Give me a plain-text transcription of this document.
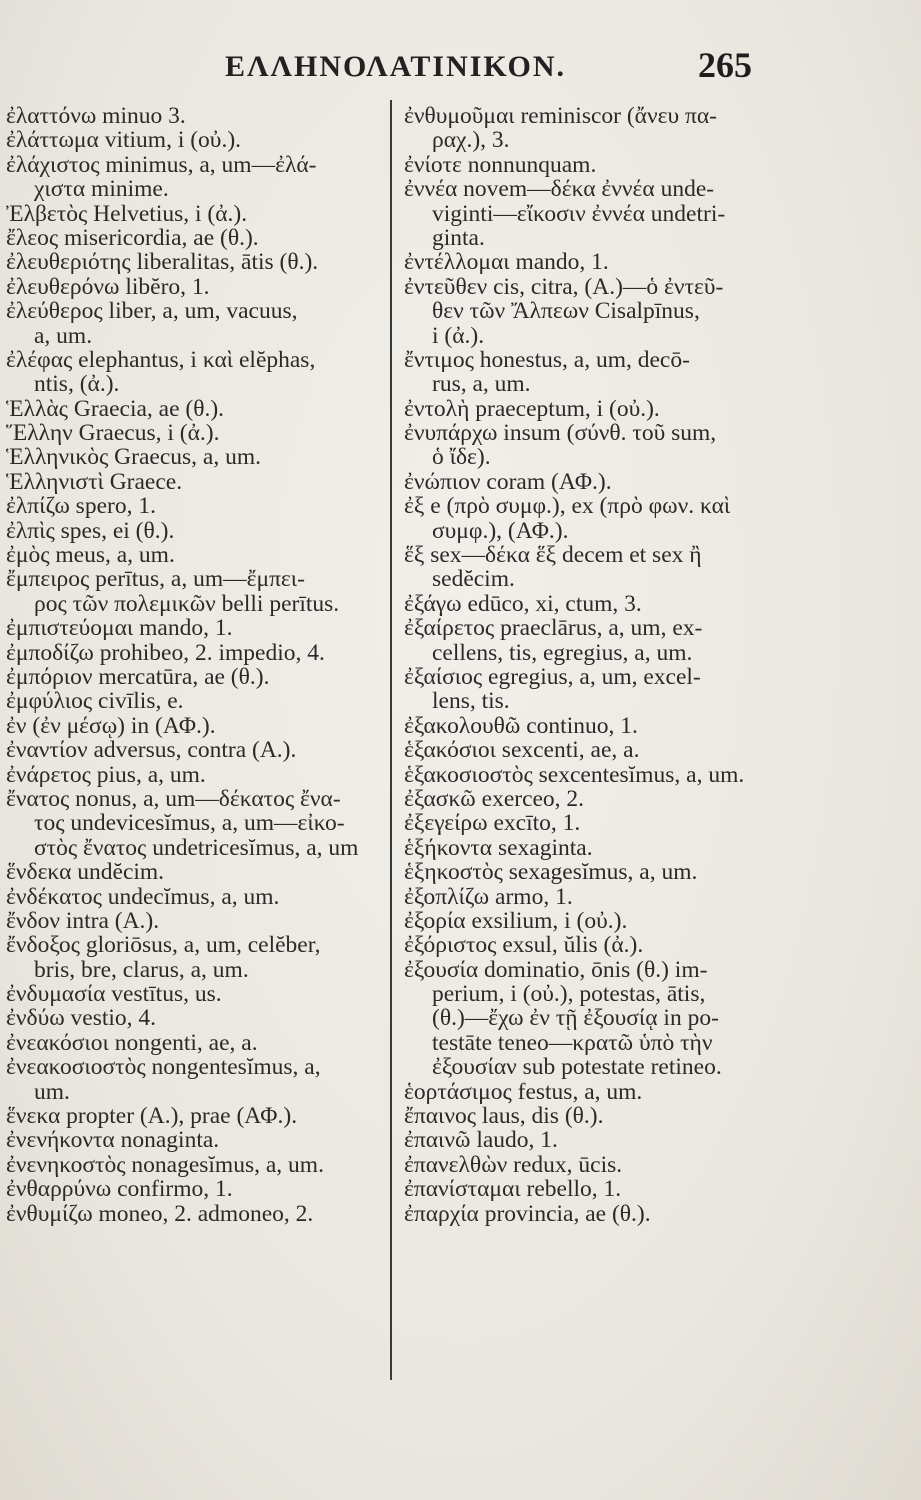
ΕΛΛΗΝΟΛΑΤΙΝΙΚΟΝ.	265
ἐλαττόνω minuo 3.
ἐλάττωμα vitium, i (οὐ.).
ἐλάχιστος minimus, a, um—ἐλά-
χιστα minime.
Ἐλβετὸς Helvetius, i (ἀ.).
ἔλεος misericordia, ae (θ.).
ἐλευθεριότης liberalitas, ātis (θ.).
ἐλευθερόνω libĕro, 1.
ἐλεύθερος liber, a, um, vacuus,
a, um.
ἐλέφας elephantus, i καὶ elĕphas,
ntis, (ἀ.).
Ἑλλὰς Graecia, ae (θ.).
Ἕλλην Graecus, i (ἀ.).
Ἑλληνικὸς Graecus, a, um.
Ἑλληνιστὶ Graece.
ἐλπίζω spero, 1.
ἐλπὶς spes, ei (θ.).
ἐμὸς meus, a, um.
ἔμπειρος perītus, a, um—ἔμπει-
ρος τῶν πολεμικῶν belli perītus.
ἐμπιστεύομαι mando, 1.
ἐμποδίζω prohibeo, 2. impedio, 4.
ἐμπόριον mercatūra, ae (θ.).
ἐμφύλιος civīlis, e.
ἐν (ἐν μέσῳ) in (ΑΦ.).
ἐναντίον adversus, contra (Α.).
ἐνάρετος pius, a, um.
ἔνατος nonus, a, um—δέκατος ἔνα-
τος undevicesĭmus, a, um—εἰκο-
στὸς ἔνατος undetricesĭmus, a, um
ἕνδεκα undĕcim.
ἐνδέκατος undecĭmus, a, um.
ἔνδον intra (Α.).
ἔνδοξος gloriōsus, a, um, celĕber,
bris, bre, clarus, a, um.
ἐνδυμασία vestītus, us.
ἐνδύω vestio, 4.
ἐνεακόσιοι nongenti, ae, a.
ἐνεακοσιοστὸς nongentesĭmus, a,
um.
ἕνεκα propter (Α.), prae (ΑΦ.).
ἐνενήκοντα nonaginta.
ἐνενηκοστὸς nonagesĭmus, a, um.
ἐνθαρρύνω confirmo, 1.
ἐνθυμίζω moneo, 2. admoneo, 2.
ἐνθυμοῦμαι reminiscor (ἄνευ πα-
ραχ.), 3.
ἐνίοτε nonnunquam.
ἐννέα novem—δέκα ἐννέα unde-
viginti—εἴκοσιν ἐννέα undetri-
ginta.
ἐντέλλομαι mando, 1.
ἐντεῦθεν cis, citra, (Α.)—ὁ ἐντεῦ-
θεν τῶν Ἄλπεων Cisalpīnus,
i (ἀ.).
ἔντιμος honestus, a, um, decō-
rus, a, um.
ἐντολὴ praeceptum, i (οὐ.).
ἐνυπάρχω insum (σύνθ. τοῦ sum,
ὁ ἴδε).
ἐνώπιον coram (ΑΦ.).
ἐξ e (πρὸ συμφ.), ex (πρὸ φων. καὶ
συμφ.), (ΑΦ.).
ἕξ sex—δέκα ἕξ decem et sex ἢ
sedĕcim.
ἐξάγω edūco, xi, ctum, 3.
ἐξαίρετος praeclārus, a, um, ex-
cellens, tis, egregius, a, um.
ἐξαίσιος egregius, a, um, excel-
lens, tis.
ἐξακολουθῶ continuo, 1.
ἑξακόσιοι sexcenti, ae, a.
ἑξακοσιοστὸς sexcentesĭmus, a, um.
ἐξασκῶ exerceo, 2.
ἐξεγείρω excīto, 1.
ἑξήκοντα sexaginta.
ἑξηκοστὸς sexagesĭmus, a, um.
ἐξοπλίζω armo, 1.
ἐξορία exsilium, i (οὐ.).
ἐξόριστος exsul, ŭlis (ἀ.).
ἐξουσία dominatio, ōnis (θ.) im-
perium, i (οὐ.), potestas, ātis,
(θ.)—ἔχω ἐν τῇ ἐξουσίᾳ in po-
testāte teneo—κρατῶ ὑπὸ τὴν
ἐξουσίαν sub potestate retineo.
ἑορτάσιμος festus, a, um.
ἔπαινος laus, dis (θ.).
ἐπαινῶ laudo, 1.
ἐπανελθὼν redux, ūcis.
ἐπανίσταμαι rebello, 1.
ἐπαρχία provincia, ae (θ.).
